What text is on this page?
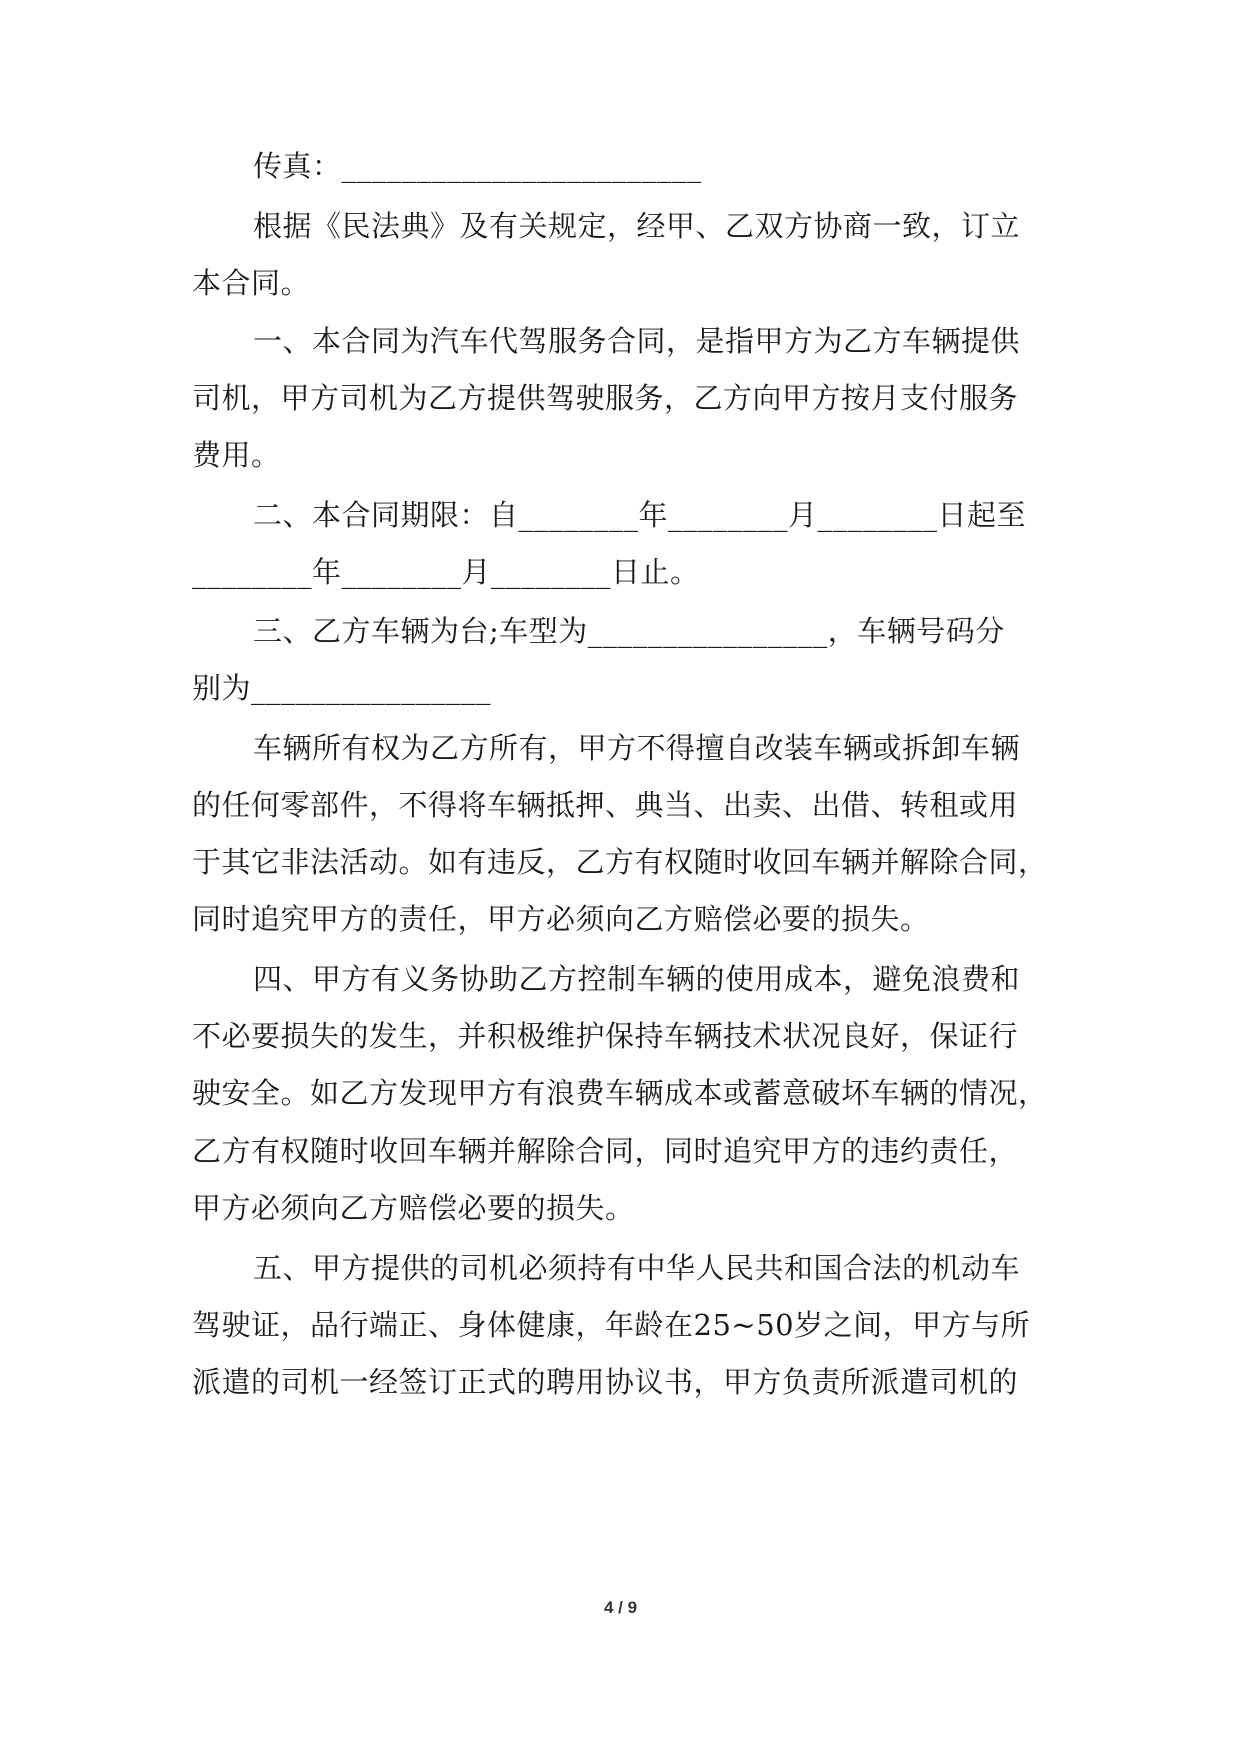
传真：________________________
根据《民法典》及有关规定，经甲、乙双方协商一致，订立
本合同。
一、本合同为汽车代驾服务合同，是指甲方为乙方车辆提供
司机，甲方司机为乙方提供驾驶服务，乙方向甲方按月支付服务
费用。
二、本合同期限：自________年________月________日起至
________年________月________日止。
三、乙方车辆为台;车型为________________，车辆号码分
别为________________
车辆所有权为乙方所有，甲方不得擅自改装车辆或拆卸车辆
的任何零部件，不得将车辆抵押、典当、出卖、出借、转租或用
于其它非法活动。如有违反，乙方有权随时收回车辆并解除合同，
同时追究甲方的责任，甲方必须向乙方赔偿必要的损失。
四、甲方有义务协助乙方控制车辆的使用成本，避免浪费和
不必要损失的发生，并积极维护保持车辆技术状况良好，保证行
驶安全。如乙方发现甲方有浪费车辆成本或蓄意破坏车辆的情况，
乙方有权随时收回车辆并解除合同，同时追究甲方的违约责任，
甲方必须向乙方赔偿必要的损失。
五、甲方提供的司机必须持有中华人民共和国合法的机动车
驾驶证，品行端正、身体健康，年龄在25~50岁之间，甲方与所
派遣的司机一经签订正式的聘用协议书，甲方负责所派遣司机的
4 / 9
